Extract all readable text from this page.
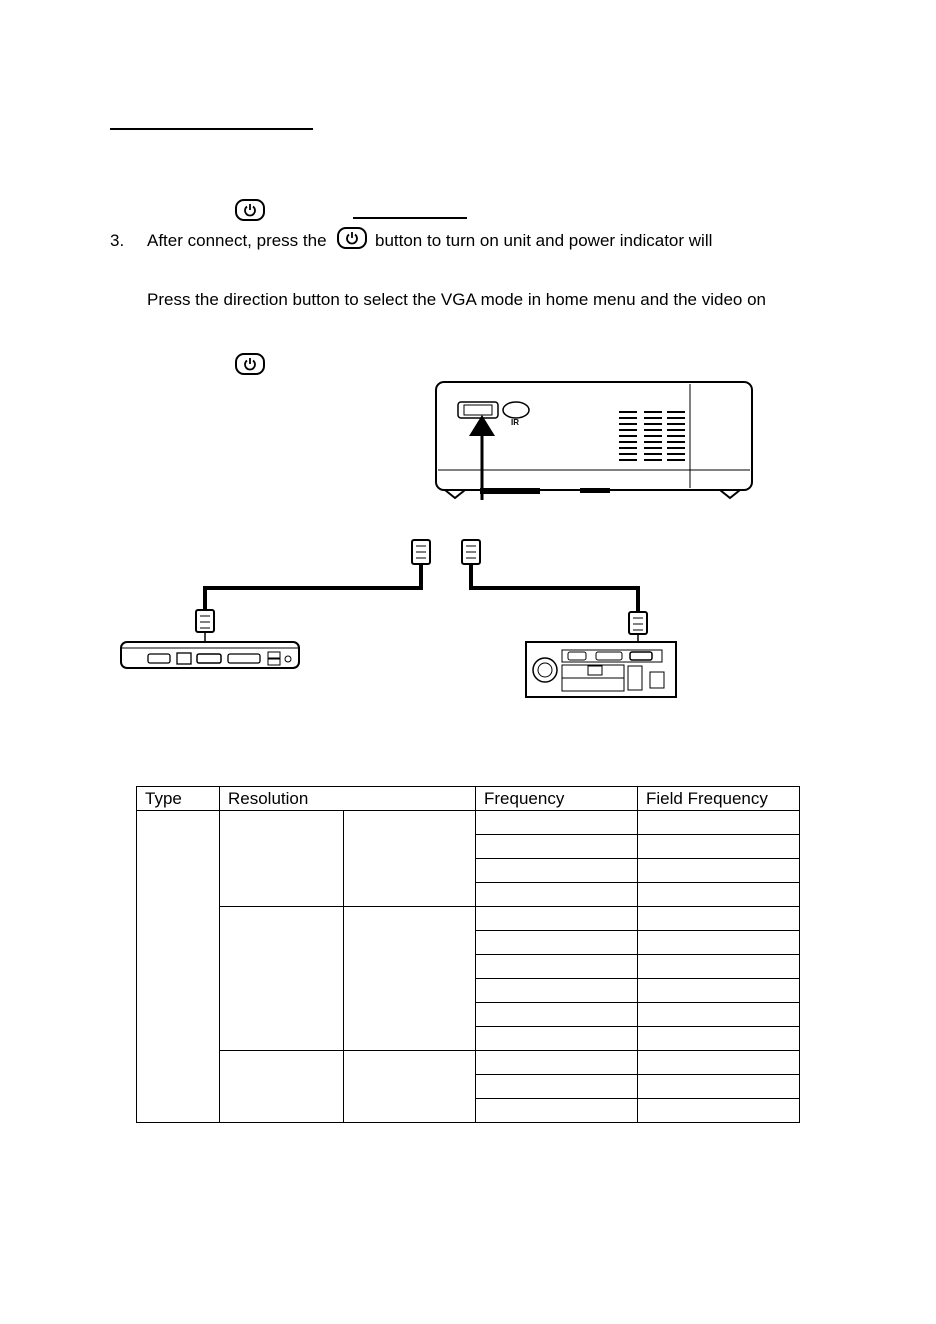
3. After connect, press the	button to turn on unit and power indicator will
Press the direction button to select the VGA mode in home menu and the video on
IR
Type	Resolution		Frequency	Field Frequency
